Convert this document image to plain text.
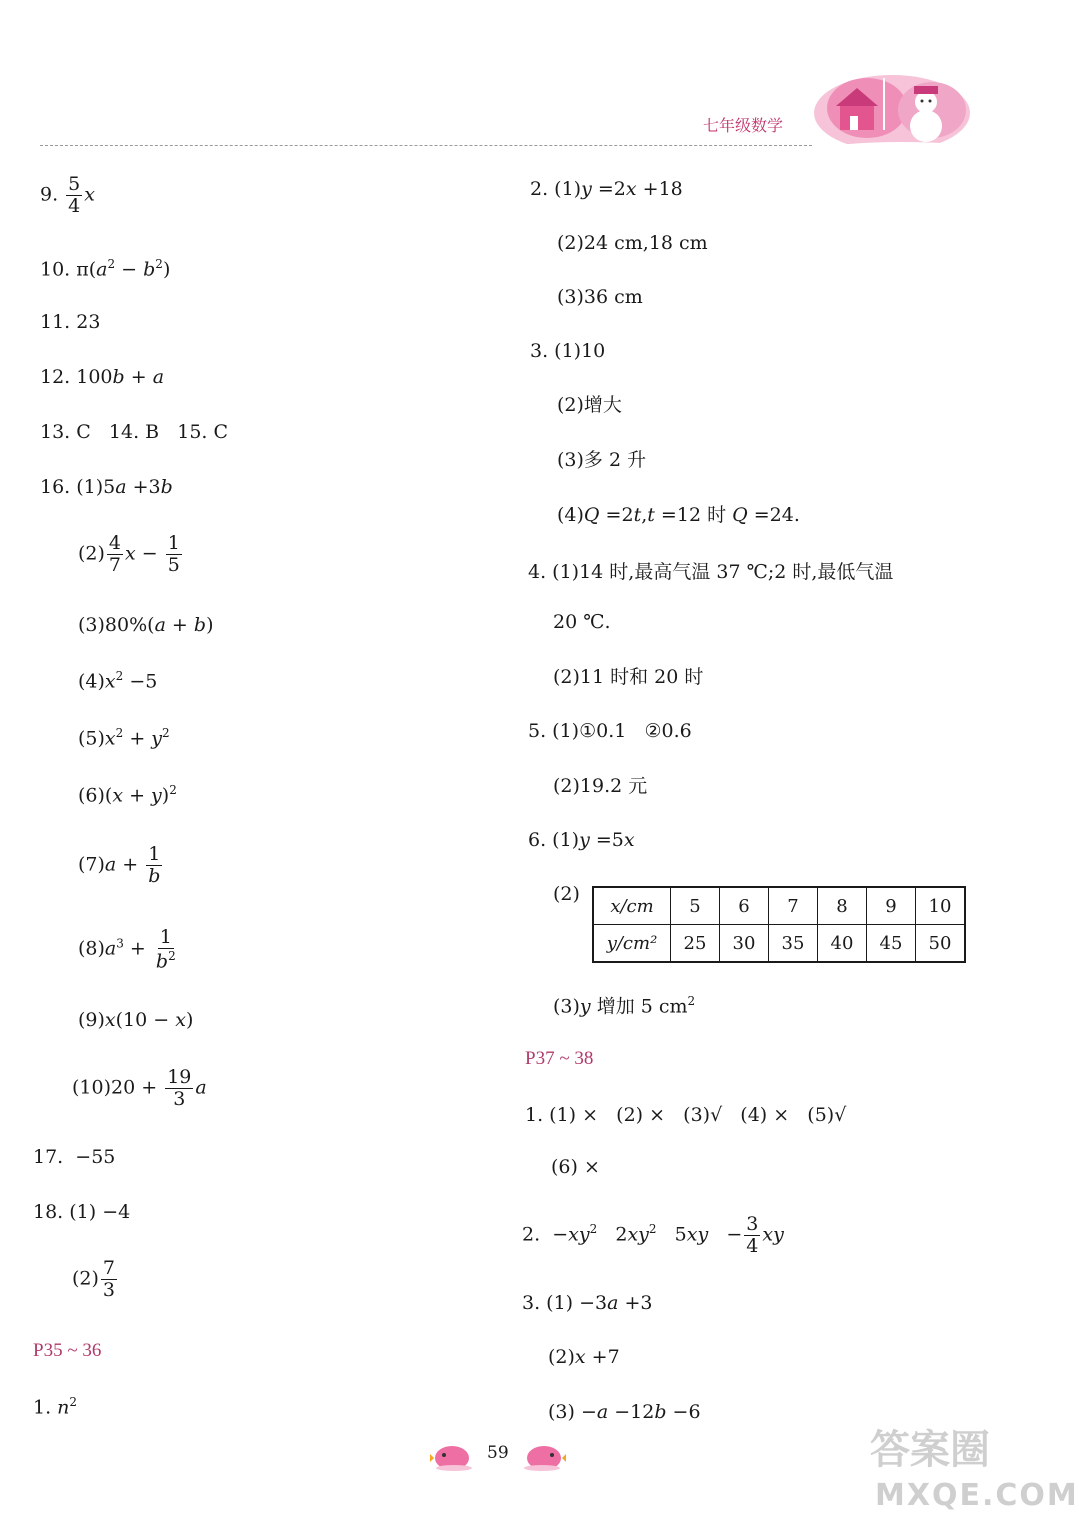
七年级数学
9. $\frac{5}{4}$ x
10. $\pi(a^2 - b^2)$
11. 23
12. 100b + a
13. C   14. B   15. C
16. (1)5a +3b
$(2) \frac{4}{7}$ $x - \frac{1}{5}$
(3)80%(a + b)
$(4)x^2 -5$
$(5)x^2 + y^2$
$(6)(x + y)^2$
$(7)a + \frac{1}{b}$
$(8)a^3 + \frac{1}{b^2}$
(9)x(10 − x)
$(10)20 + \frac{19}{3}$ a
17.  −55
18. (1) −4
$(2) \frac{7}{3}$
P35 ~ 36
1. $n^2$
2. (1)y =2x +18
(2)24 cm,18 cm
(3)36 cm
3. (1)10
(2)增大
(3)多 2 升
(4)Q =2t,t =12 时 Q =24.
4. (1)14 时,最高气温 37 ℃;2 时,最低气温
20 ℃.
(2)11 时和 20 时
5. (1)①0.1   ②0.6
(2)19.2 元
6. (1)y =5x
(2)
x/cm	5	6	7	8	9	10
y/cm²	25	30	35	40	45	50
(3)y 增加 5 $cm^2$
P37 ~ 38
1. (1) ×   (2) ×   (3)√   (4) ×   (5)√
(6) ×
2.  $-xy^2$   $2xy^2$   $5xy - \frac{3}{4}$ xy
3. (1) −3a +3
(2)x +7
(3) −a −12b −6
59	答案圈
MXQE.COM
